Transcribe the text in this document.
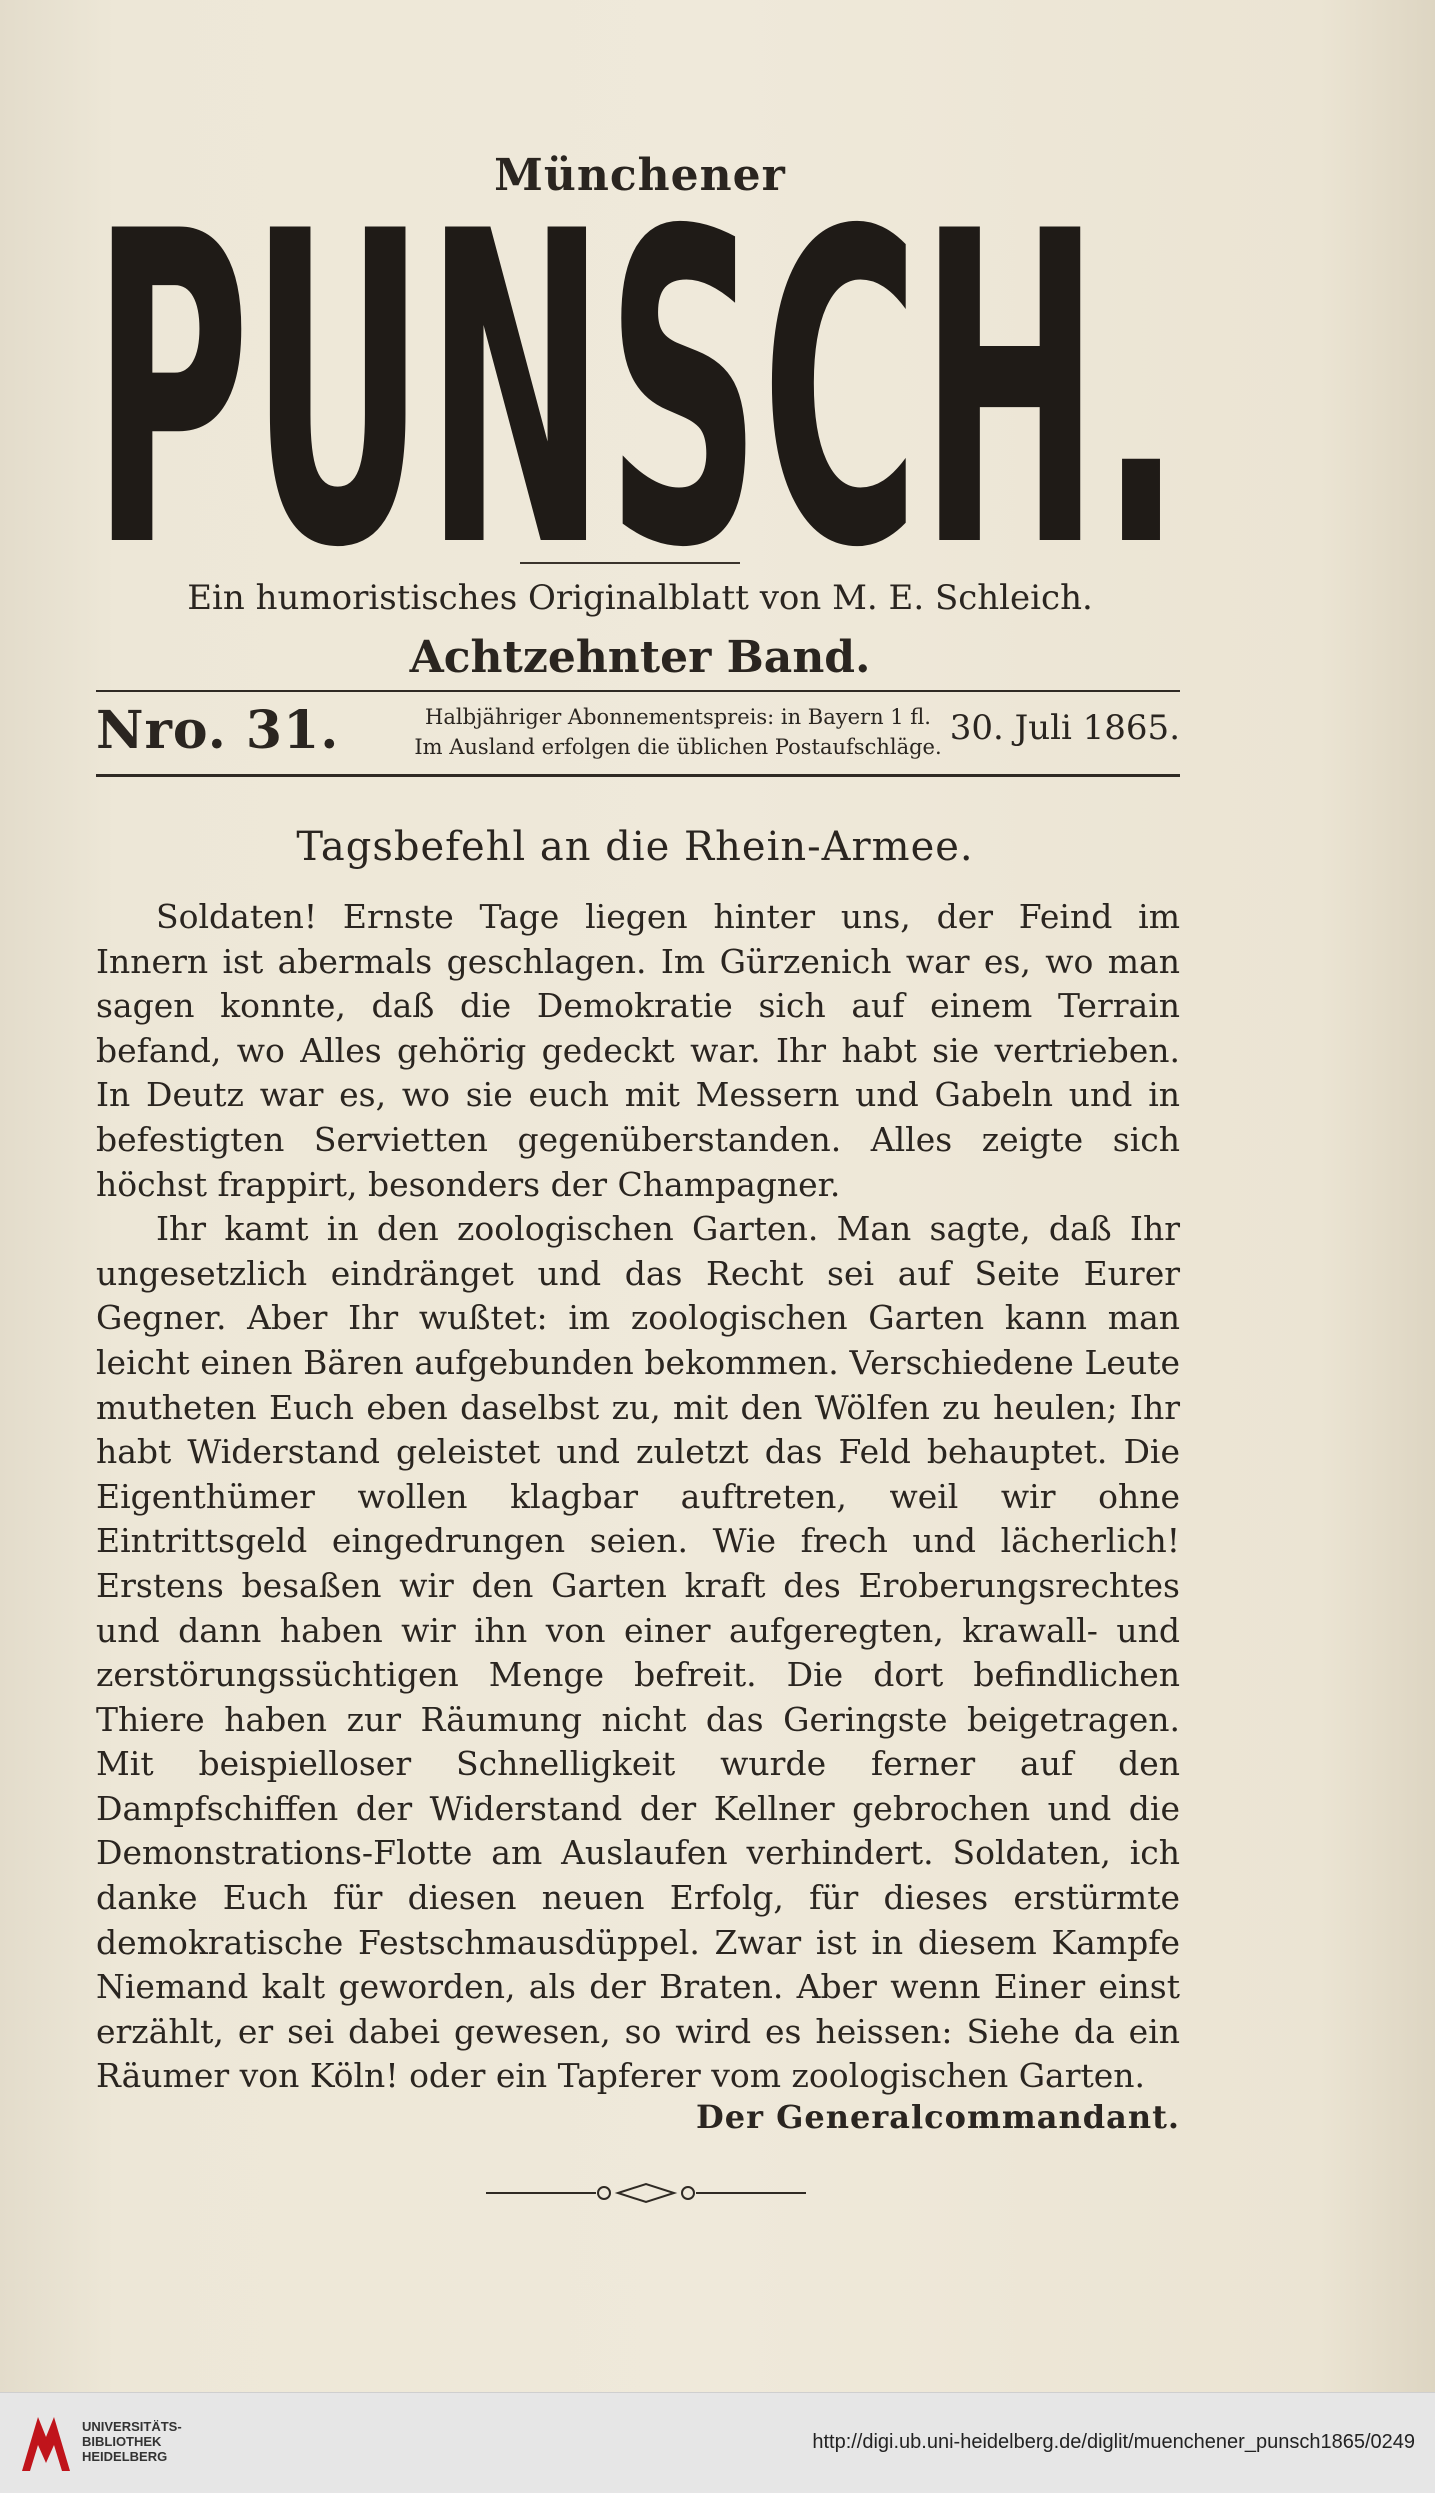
Münchener
PUNSCH.
Ein humoristisches Originalblatt von M. E. Schleich.
Achtzehnter Band.
Nro. 31.	Halbjähriger Abonnementspreis: in Bayern 1 fl.
Im Ausland erfolgen die üblichen Postaufschläge. 30. Juli 1865.
Tagsbefehl an die Rhein-Armee.

Soldaten! Ernste Tage liegen hinter uns, der Feind im Innern ist abermals geschlagen. Im Gürzenich war es, wo man sagen konnte, daß die Demokratie sich auf einem Terrain befand, wo Alles gehörig gedeckt war. Ihr habt sie vertrieben. In Deutz war es, wo sie euch mit Messern und Gabeln und in befestigten Servietten gegenüberstanden. Alles zeigte sich höchst frappirt, besonders der Champagner.

Ihr kamt in den zoologischen Garten. Man sagte, daß Ihr ungesetzlich eindränget und das Recht sei auf Seite Eurer Gegner. Aber Ihr wußtet: im zoologischen Garten kann man leicht einen Bären aufgebunden bekommen. Verschiedene Leute mutheten Euch eben daselbst zu, mit den Wölfen zu heulen; Ihr habt Widerstand geleistet und zuletzt das Feld behauptet. Die Eigenthümer wollen klagbar auftreten, weil wir ohne Eintrittsgeld eingedrungen seien. Wie frech und lächerlich! Erstens besaßen wir den Garten kraft des Eroberungsrechtes und dann haben wir ihn von einer aufgeregten, krawall- und zerstörungssüchtigen Menge befreit. Die dort befindlichen Thiere haben zur Räumung nicht das Geringste beigetragen. Mit beispielloser Schnelligkeit wurde ferner auf den Dampfschiffen der Widerstand der Kellner gebrochen und die Demonstrations-Flotte am Auslaufen verhindert. Soldaten, ich danke Euch für diesen neuen Erfolg, für dieses erstürmte demokratische Festschmausdüppel. Zwar ist in diesem Kampfe Niemand kalt geworden, als der Braten. Aber wenn Einer einst erzählt, er sei dabei gewesen, so wird es heissen: Siehe da ein Räumer von Köln! oder ein Tapferer vom zoologischen Garten.

Der Generalcommandant.
UNIVERSITÄTS-
BIBLIOTHEK
HEIDELBERG
http://digi.ub.uni-heidelberg.de/diglit/muenchener_punsch1865/0249
